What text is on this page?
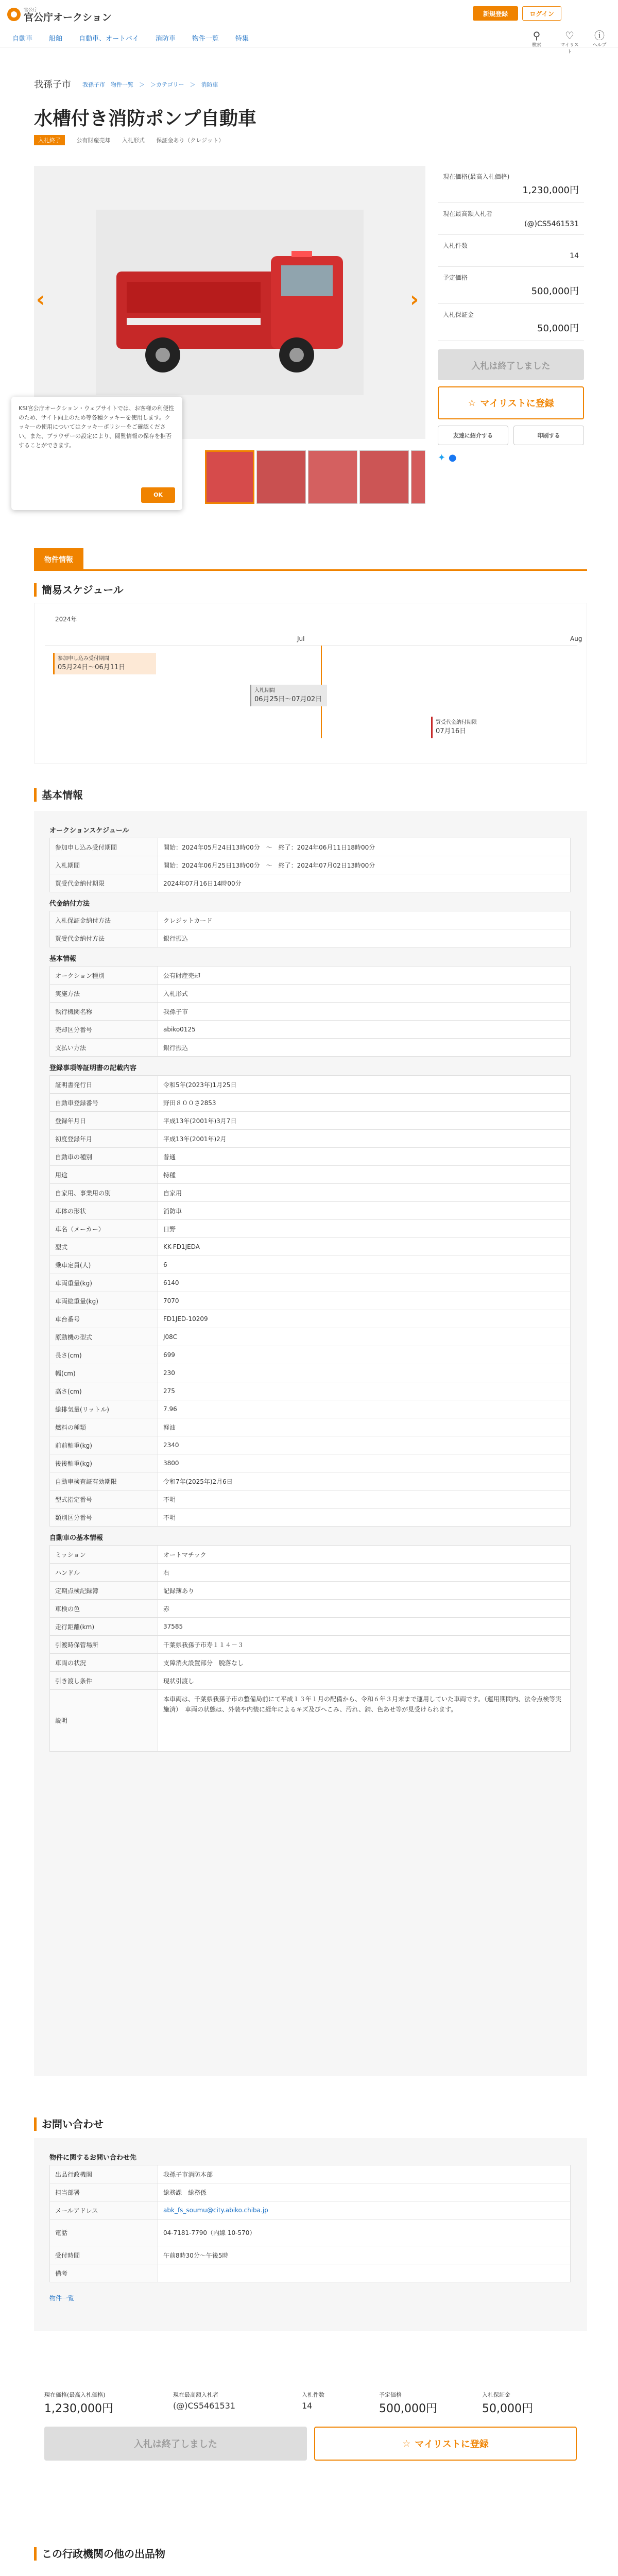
官公庁
官公庁オークション	新規登録	ログイン
自動車 船舶 自動車、オートバイ 消防車 物件一覧 特集	⚲
検索
♡
マイリスト
ⓘ
ヘルプ
我孫子市 我孫子市　物件一覧　＞　＞カテゴリー　＞　消防車
水槽付き消防ポンプ自動車
入札終了	公有財産売却 入札形式 保証金あり（クレジット）
‹	›
KSI官公庁オークション・ウェブサイトでは、お客様の利便性のため、サイト向上のため等各種クッキーを使用します。クッキーの使用についてはクッキーポリシーをご確認ください。また、ブラウザーの設定により、閲覧情報の保存を拒否することができます。
OK
現在価格(最高入札価格)
1,230,000円
現在最高額入札者
(@)CS5461531
入札件数
14
予定価格
500,000円
入札保証金
50,000円
入札は終了しました
☆ マイリストに登録
友達に紹介する	印刷する
✦ ●
物件情報
簡易スケジュール
2024年
Jul	Aug
参加申し込み受付期間
05月24日～06月11日
入札期間
06月25日～07月02日
買受代金納付期限
07月16日
基本情報
オークションスケジュール
参加申し込み受付期間	開始：2024年05月24日13時00分　～　終了：2024年06月11日18時00分
入札期間	開始：2024年06月25日13時00分　～　終了：2024年07月02日13時00分
買受代金納付期限	2024年07月16日14時00分
代金納付方法
入札保証金納付方法	クレジットカード
買受代金納付方法	銀行振込
基本情報
オークション種別	公有財産売却
実施方法	入札形式
執行機関名称	我孫子市
売却区分番号	abiko0125
支払い方法	銀行振込
登録事項等証明書の記載内容
証明書発行日	令和5年(2023年)1月25日
自動車登録番号	野田８００さ2853
登録年月日	平成13年(2001年)3月7日
初度登録年月	平成13年(2001年)2月
自動車の種別	普通
用途	特種
自家用、事業用の別	自家用
車体の形状	消防車
車名（メーカー）	日野
型式	KK-FD1JEDA
乗車定員(人)	6
車両重量(kg)	6140
車両総重量(kg)	7070
車台番号	FD1JED-10209
原動機の型式	J08C
長さ(cm)	699
幅(cm)	230
高さ(cm)	275
総排気量(リットル)	7.96
燃料の種類	軽油
前前軸重(kg)	2340
後後軸重(kg)	3800
自動車検査証有効期限	令和7年(2025年)2月6日
型式指定番号	不明
類別区分番号	不明
自動車の基本情報
ミッション	オートマチック
ハンドル	右
定期点検記録簿	記録簿あり
車検の色	赤
走行距離(km)	37585
引渡時保管場所	千葉県我孫子市寿１１４－３
車両の状況	支障消火設置部分　脱落なし
引き渡し条件	現状引渡し
説明	本車両は、千葉県我孫子市の整備局前にて平成１３年１月の配備から、令和６年３月末まで運用していた車両です。（運用期間内、法令点検等実施済）　車両の状態は、外装や内装に経年によるキズ及びへこみ、汚れ、錆、色あせ等が見受けられます。
お問い合わせ
物件に関するお問い合わせ先
出品行政機関	我孫子市消防本部
担当部署	総務課　総務係
メールアドレス	abk_fs_soumu@city.abiko.chiba.jp
電話	04-7181-7790（内線 10-570）
受付時間	午前8時30分～午後5時
備考	
物件一覧
現在価格(最高入札価格)
1,230,000円
現在最高額入札者
(@)CS5461531
入札件数
14
予定価格
500,000円
入札保証金
50,000円
入札は終了しました	☆ マイリストに登録
この行政機関の他の出品物
